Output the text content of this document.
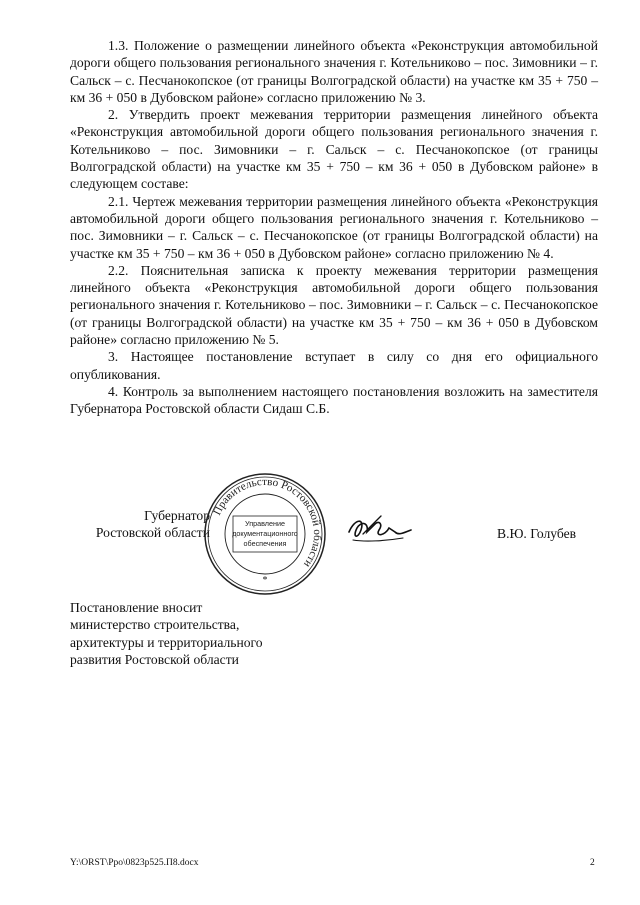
1.3. Положение о размещении линейного объекта «Реконструкция автомобильной дороги общего пользования регионального значения г. Котельниково – пос. Зимовники – г. Сальск – с. Песчанокопское (от границы Волгоградской области) на участке км 35 + 750 – км 36 + 050 в Дубовском районе» согласно приложению № 3.

2. Утвердить проект межевания территории размещения линейного объекта «Реконструкция автомобильной дороги общего пользования регионального значения г. Котельниково – пос. Зимовники – г. Сальск – с. Песчанокопское (от границы Волгоградской области) на участке км 35 + 750 – км 36 + 050 в Дубовском районе» в следующем составе:

2.1. Чертеж межевания территории размещения линейного объекта «Реконструкция автомобильной дороги общего пользования регионального значения г. Котельниково – пос. Зимовники – г. Сальск – с. Песчанокопское (от границы Волгоградской области) на участке км 35 + 750 – км 36 + 050 в Дубовском районе» согласно приложению № 4.

2.2. Пояснительная записка к проекту межевания территории размещения линейного объекта «Реконструкция автомобильной дороги общего пользования регионального значения г. Котельниково – пос. Зимовники – г. Сальск – с. Песчанокопское (от границы Волгоградской области) на участке км 35 + 750 – км 36 + 050 в Дубовском районе» согласно приложению № 5.

3. Настоящее постановление вступает в силу со дня его официального опубликования.

4. Контроль за выполнением настоящего постановления возложить на заместителя Губернатора Ростовской области Сидаш С.Б.

Губернатор
Ростовской области
Правительство Ростовской области
Управление
документационного
обеспечения
*
В.Ю. Голубев
Постановление вносит
министерство строительства,
архитектуры и территориального
развития Ростовской области
Y:\ORST\Ppo\0823p525.П8.docx	2
